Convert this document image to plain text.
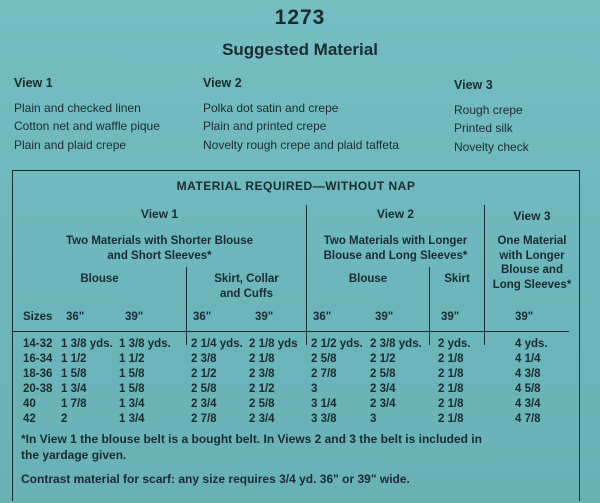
1273
Suggested Material
View 1
Plain and checked linen
Cotton net and waffle pique
Plain and plaid crepe
View 2
Polka dot satin and crepe
Plain and printed crepe
Novelty rough crepe and plaid taffeta
View 3
Rough crepe
Printed silk
Novelty check
MATERIAL REQUIRED—WITHOUT NAP
View 1	View 2	View 3
Two Materials with Shorter Blouse
and Short Sleeves*
Two Materials with Longer
Blouse and Long Sleeves*
One Material
with Longer
Blouse and
Long Sleeves*
Blouse	Skirt, Collar
and Cuffs
Blouse	Skirt
Sizes 36"	39"	36"	39"	36"	39"	39"	39"
14-32 1 3/8 yds. 1 3/8 yds. 2 1/4 yds. 2 1/8 yds 2 1/2 yds. 2 3/8 yds. 2 yds.	4 yds.
16-34 1 1/2	1 1/2	2 3/8	2 1/8	2 5/8	2 1/2	2 1/8	4 1/4
18-36 1 5/8	1 5/8	2 1/2	2 3/8	2 7/8	2 5/8	2 1/8	4 3/8
20-38 1 3/4	1 5/8	2 5/8	2 1/2	3	2 3/4	2 1/8	4 5/8
40 1 7/8	1 3/4	2 3/4	2 5/8	3 1/4	2 3/4	2 1/8	4 3/4
42 2	1 3/4	2 7/8	2 3/4	3 3/8	3	2 1/8	4 7/8
*In View 1 the blouse belt is a bought belt. In Views 2 and 3 the belt is included in
the yardage given.
Contrast material for scarf: any size requires 3/4 yd. 36" or 39" wide.
